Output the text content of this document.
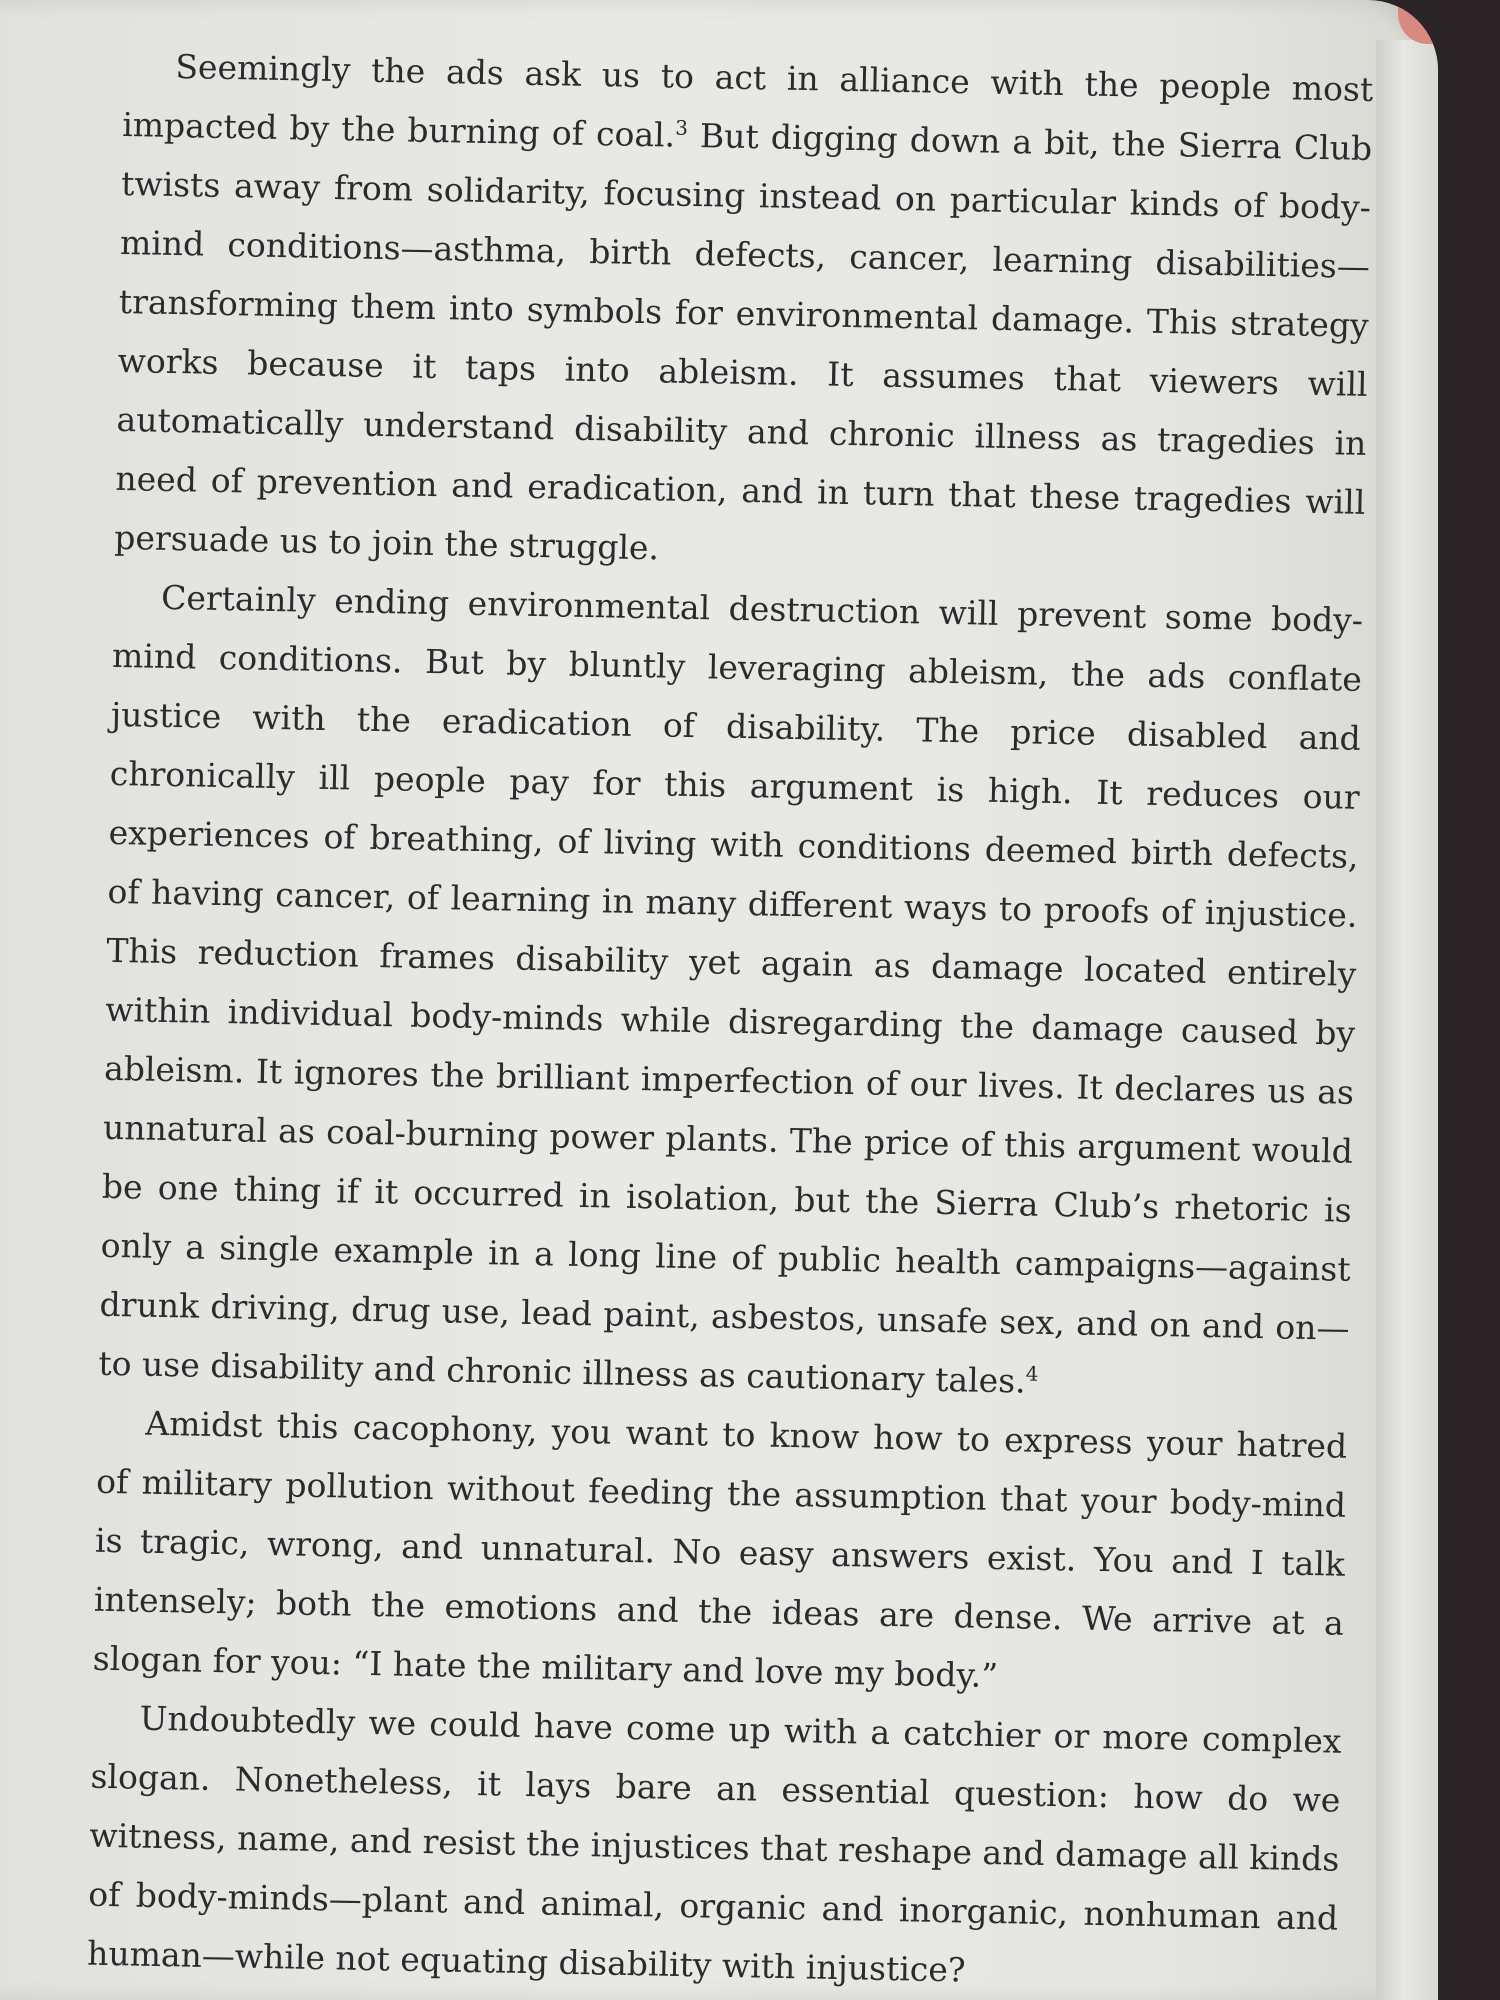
Seemingly the ads ask us to act in alliance with the people most impacted by the burning of coal.$^3$ But digging down a bit, the Sierra Club twists away from solidarity, focusing instead on particular kinds of body-mind conditions—asthma, birth defects, cancer, learning disabilities—transforming them into symbols for environmental damage. This strategy works because it taps into ableism. It assumes that viewers will automatically understand disability and chronic illness as tragedies in need of prevention and eradication, and in turn that these tragedies will persuade us to join the struggle.

Certainly ending environmental destruction will prevent some body-mind conditions. But by bluntly leveraging ableism, the ads conflate justice with the eradication of disability. The price disabled and chronically ill people pay for this argument is high. It reduces our experiences of breathing, of living with conditions deemed birth defects, of having cancer, of learning in many different ways to proofs of injustice. This reduction frames disability yet again as damage located entirely within individual body-minds while disregarding the damage caused by ableism. It ignores the brilliant imperfection of our lives. It declares us as unnatural as coal-burning power plants. The price of this argument would be one thing if it occurred in isolation, but the Sierra Club’s rhetoric is only a single example in a long line of public health campaigns—against drunk driving, drug use, lead paint, asbestos, unsafe sex, and on and on—to use disability and chronic illness as cautionary tales.$^4$

Amidst this cacophony, you want to know how to express your hatred of military pollution without feeding the assumption that your body-mind is tragic, wrong, and unnatural. No easy answers exist. You and I talk intensely; both the emotions and the ideas are dense. We arrive at a slogan for you: “I hate the military and love my body.”

Undoubtedly we could have come up with a catchier or more complex slogan. Nonetheless, it lays bare an essential question: how do we witness, name, and resist the injustices that reshape and damage all kinds of body-minds—plant and animal, organic and inorganic, nonhuman and human—while not equating disability with injustice?
